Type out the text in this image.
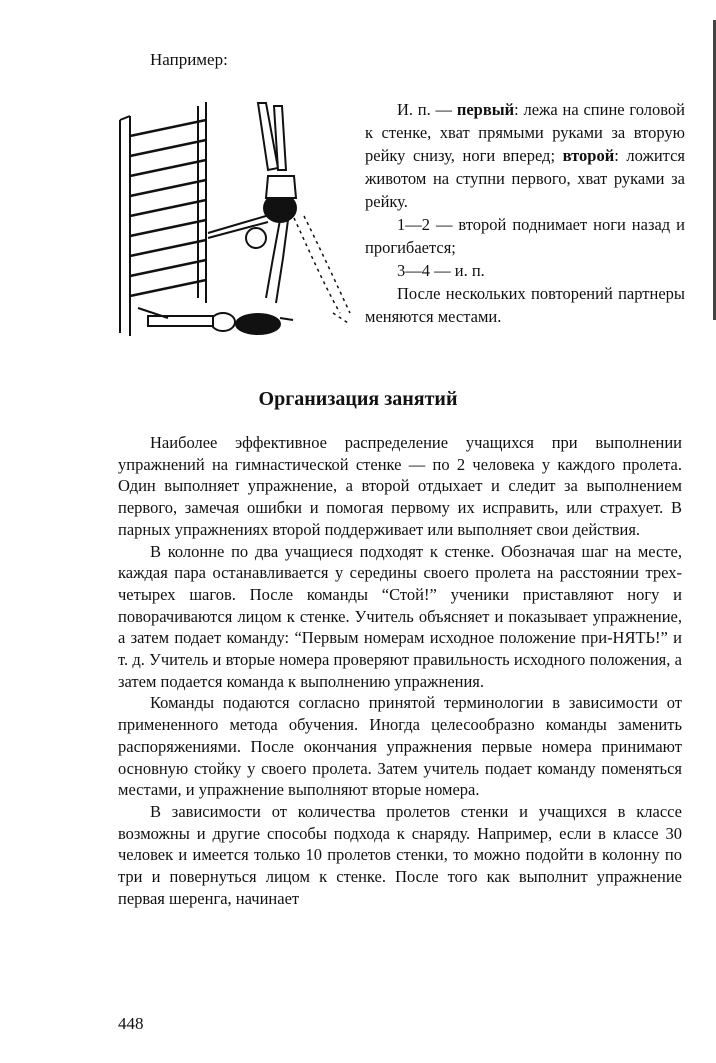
Например:

И. п. — первый: лежа на спине головой к стенке, хват прямыми руками за вторую рейку снизу, ноги вперед; второй: ложится животом на ступни первого, хват руками за рейку.

1—2 — второй поднимает ноги назад и прогибается;

3—4 — и. п.

После нескольких повторений партнеры меняются местами.

Организация занятий

Наиболее эффективное распределение учащихся при выполнении упражнений на гимнастической стенке — по 2 человека у каждого пролета. Один выполняет упражнение, а второй отдыхает и следит за выполнением первого, замечая ошибки и помогая первому их исправить, или страхует. В парных упражнениях второй поддерживает или выполняет свои действия.

В колонне по два учащиеся подходят к стенке. Обозначая шаг на месте, каждая пара останавливается у середины своего пролета на расстоянии трех-четырех шагов. После команды “Стой!” ученики приставляют ногу и поворачиваются лицом к стенке. Учитель объясняет и показывает упражнение, а затем подает команду: “Первым номерам исходное положение при-НЯТЬ!” и т. д. Учитель и вторые номера проверяют правильность исходного положения, а затем подается команда к выполнению упражнения.

Команды подаются согласно принятой терминологии в зависимости от примененного метода обучения. Иногда целесообразно команды заменить распоряжениями. После окончания упражнения первые номера принимают основную стойку у своего пролета. Затем учитель подает команду поменяться местами, и упражнение выполняют вторые номера.

В зависимости от количества пролетов стенки и учащихся в классе возможны и другие способы подхода к снаряду. Например, если в классе 30 человек и имеется только 10 пролетов стенки, то можно подойти в колонну по три и повернуться лицом к стенке. После того как выполнит упражнение первая шеренга, начинает

448
